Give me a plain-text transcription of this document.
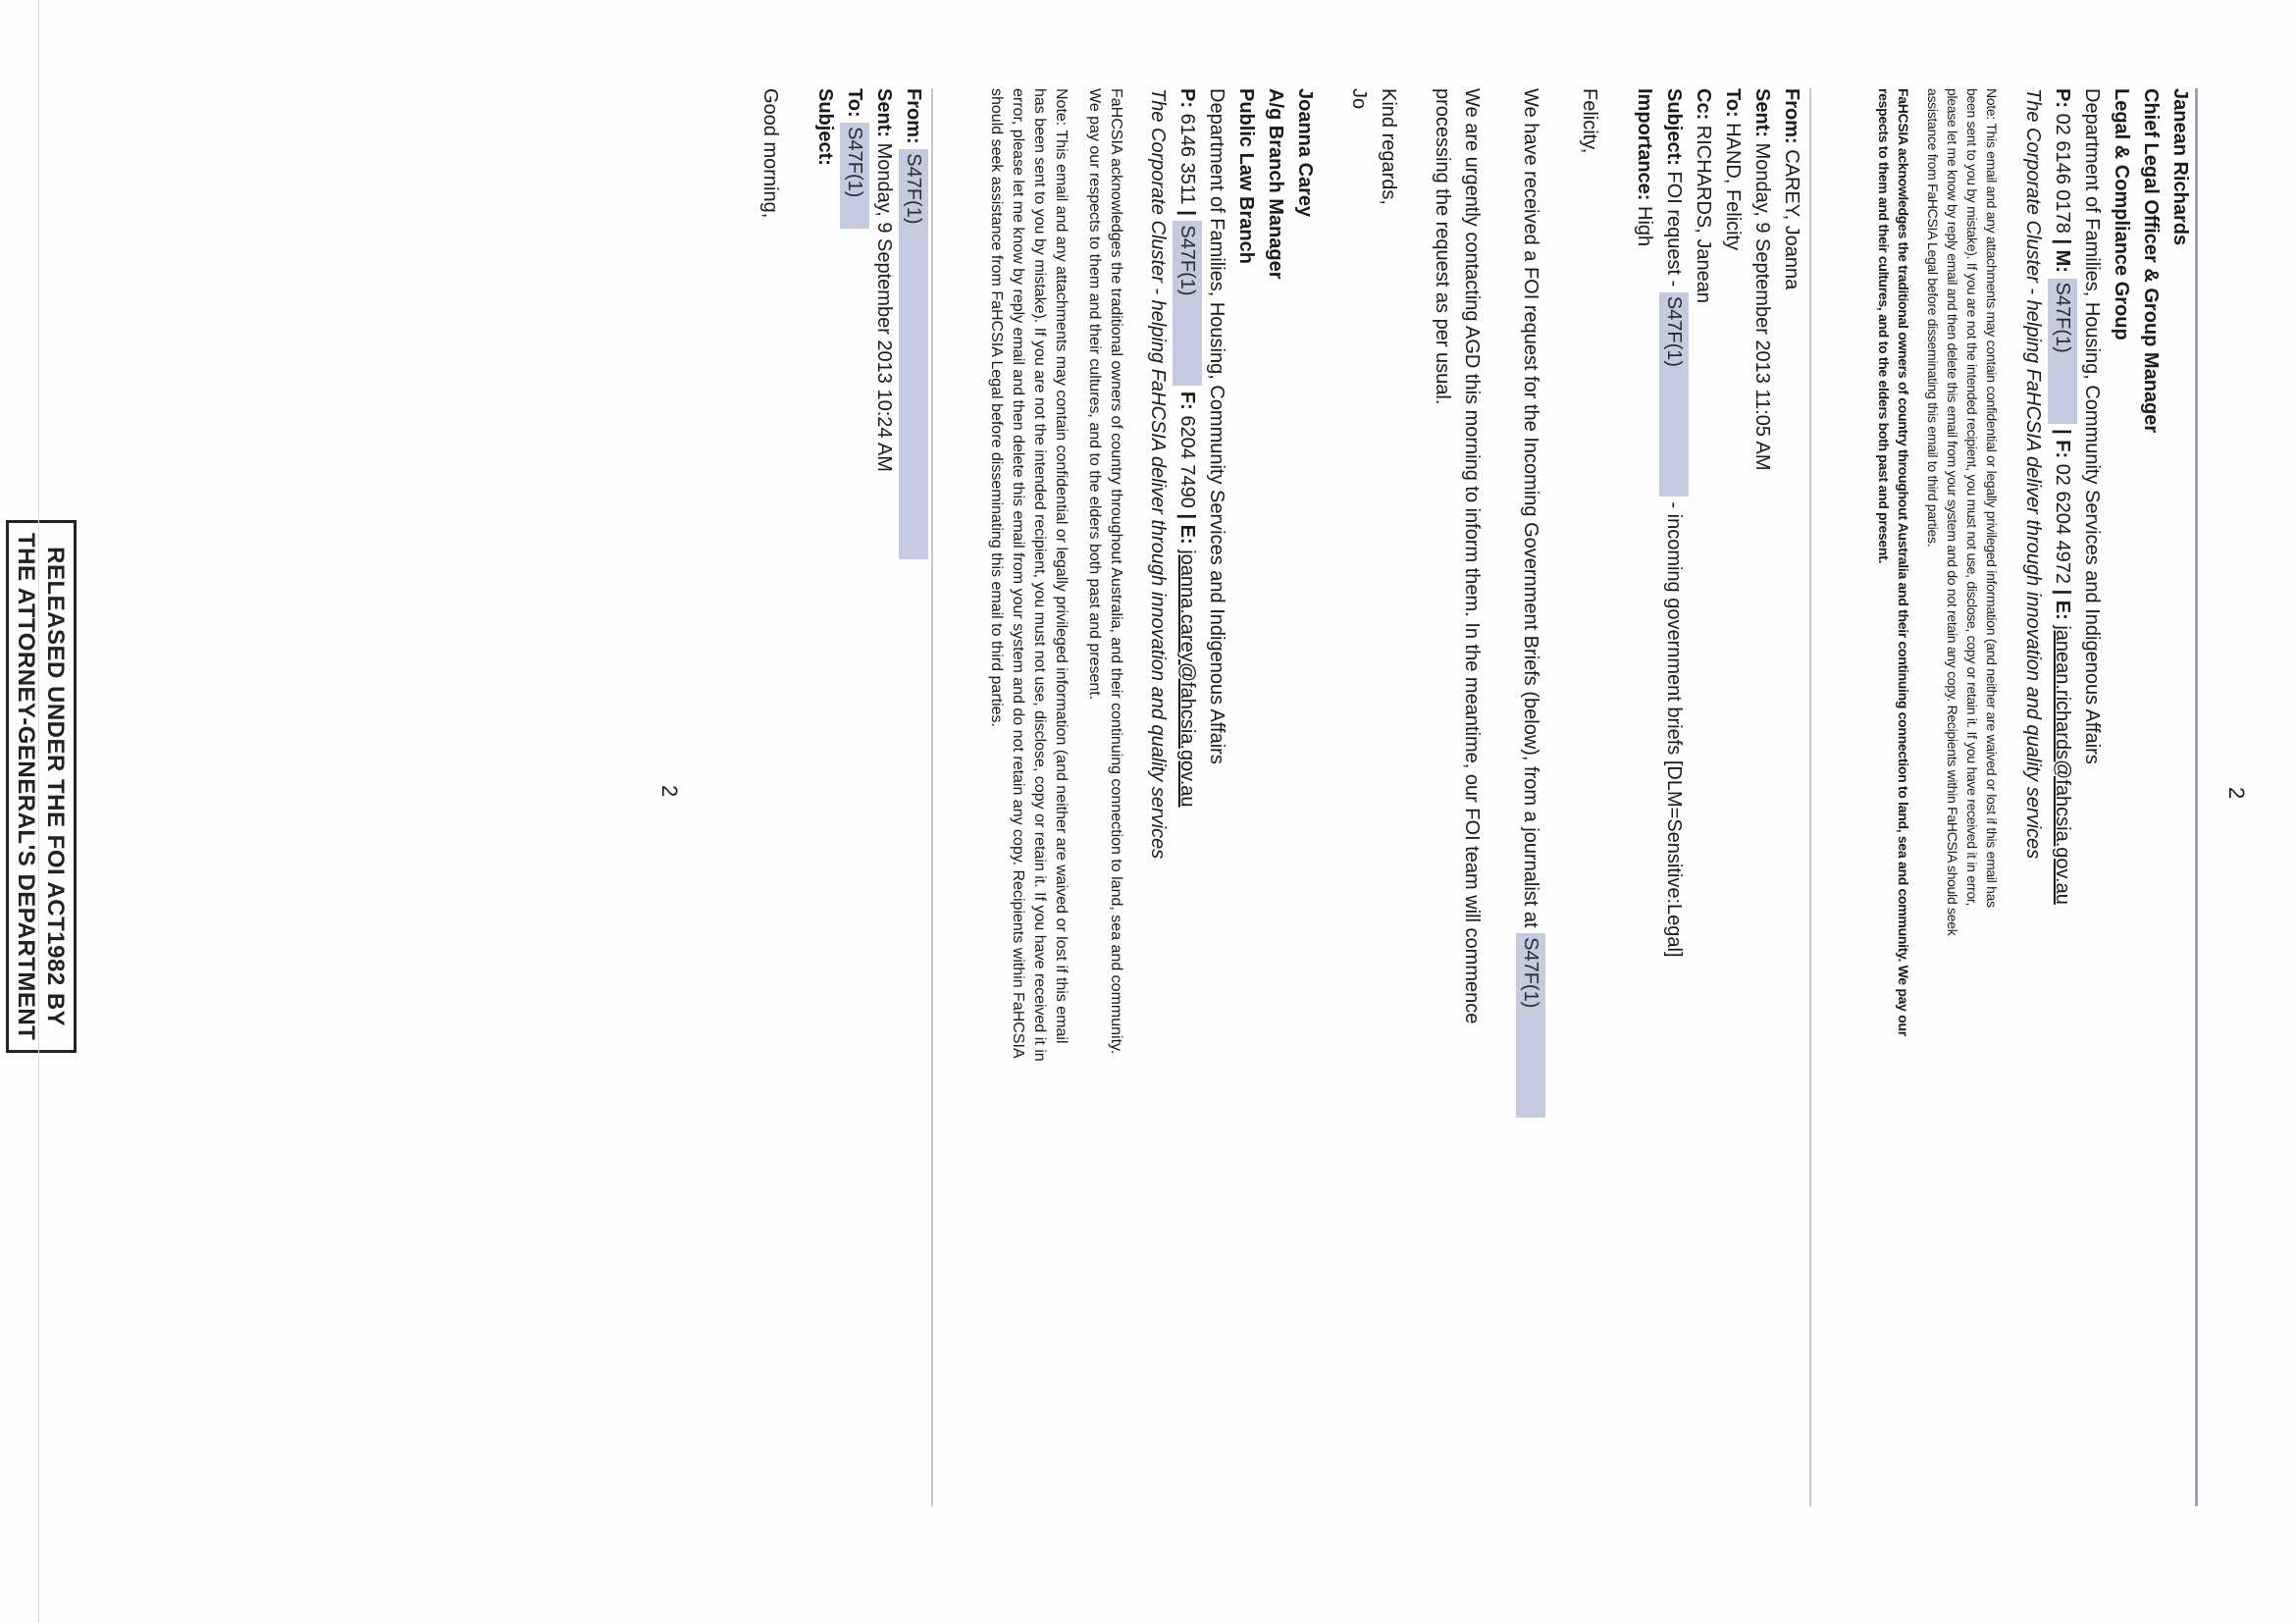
2
Janean Richards
Chief Legal Officer & Group Manager
Legal & Compliance Group
Department of Families, Housing, Community Services and Indigenous Affairs
P: 02 6146 0178 | M: S47F(1) | F: 02 6204 4972 | E: janean.richards@fahcsia.gov.au
The Corporate Cluster - helping FaHCSIA deliver through innovation and quality services
Note: This email and any attachments may contain confidential or legally privileged information (and neither are waived or lost if this email has
been sent to you by mistake). If you are not the intended recipient, you must not use, disclose, copy or retain it. If you have received it in error,
please let me know by reply email and then delete this email from your system and do not retain any copy. Recipients within FaHCSIA should seek
assistance from FaHCSIA Legal before disseminating this email to third parties.
FaHCSIA acknowledges the traditional owners of country throughout Australia and their continuing connection to land, sea and community. We pay our
respects to them and their cultures, and to the elders both past and present.
From: CAREY, Joanna
Sent: Monday, 9 September 2013 11:05 AM
To: HAND, Felicity
Cc: RICHARDS, Janean
Subject: FOI request - S47F(1) - incoming government briefs [DLM=Sensitive:Legal]
Importance: High
Felicity,
We have received a FOI request for the Incoming Government Briefs (below), from a journalist at S47F(1)
We are urgently contacting AGD this morning to inform them. In the meantime, our FOI team will commence
processing the request as per usual.
Kind regards,
Jo
Joanna Carey
A/g Branch Manager
Public Law Branch
Department of Families, Housing, Community Services and Indigenous Affairs
P: 6146 3511 | S47F(1) F: 6204 7490 | E: joanna.carey@fahcsia.gov.au
The Corporate Cluster - helping FaHCSIA deliver through innovation and quality services
FaHCSIA acknowledges the traditional owners of country throughout Australia, and their continuing connection to land, sea and community.
We pay our respects to them and their cultures, and to the elders both past and present.
Note: This email and any attachments may contain confidential or legally privileged information (and neither are waived or lost if this email
has been sent to you by mistake). If you are not the intended recipient, you must not use, disclose, copy or retain it. If you have received it in
error, please let me know by reply email and then delete this email from your system and do not retain any copy. Recipients within FaHCSIA
should seek assistance from FaHCSIA Legal before disseminating this email to third parties.
From: S47F(1)
Sent: Monday, 9 September 2013 10:24 AM
To: S47F(1)
Subject:
Good morning,
2
RELEASED UNDER THE FOI ACT1982 BY
THE ATTORNEY-GENERAL'S DEPARTMENT
